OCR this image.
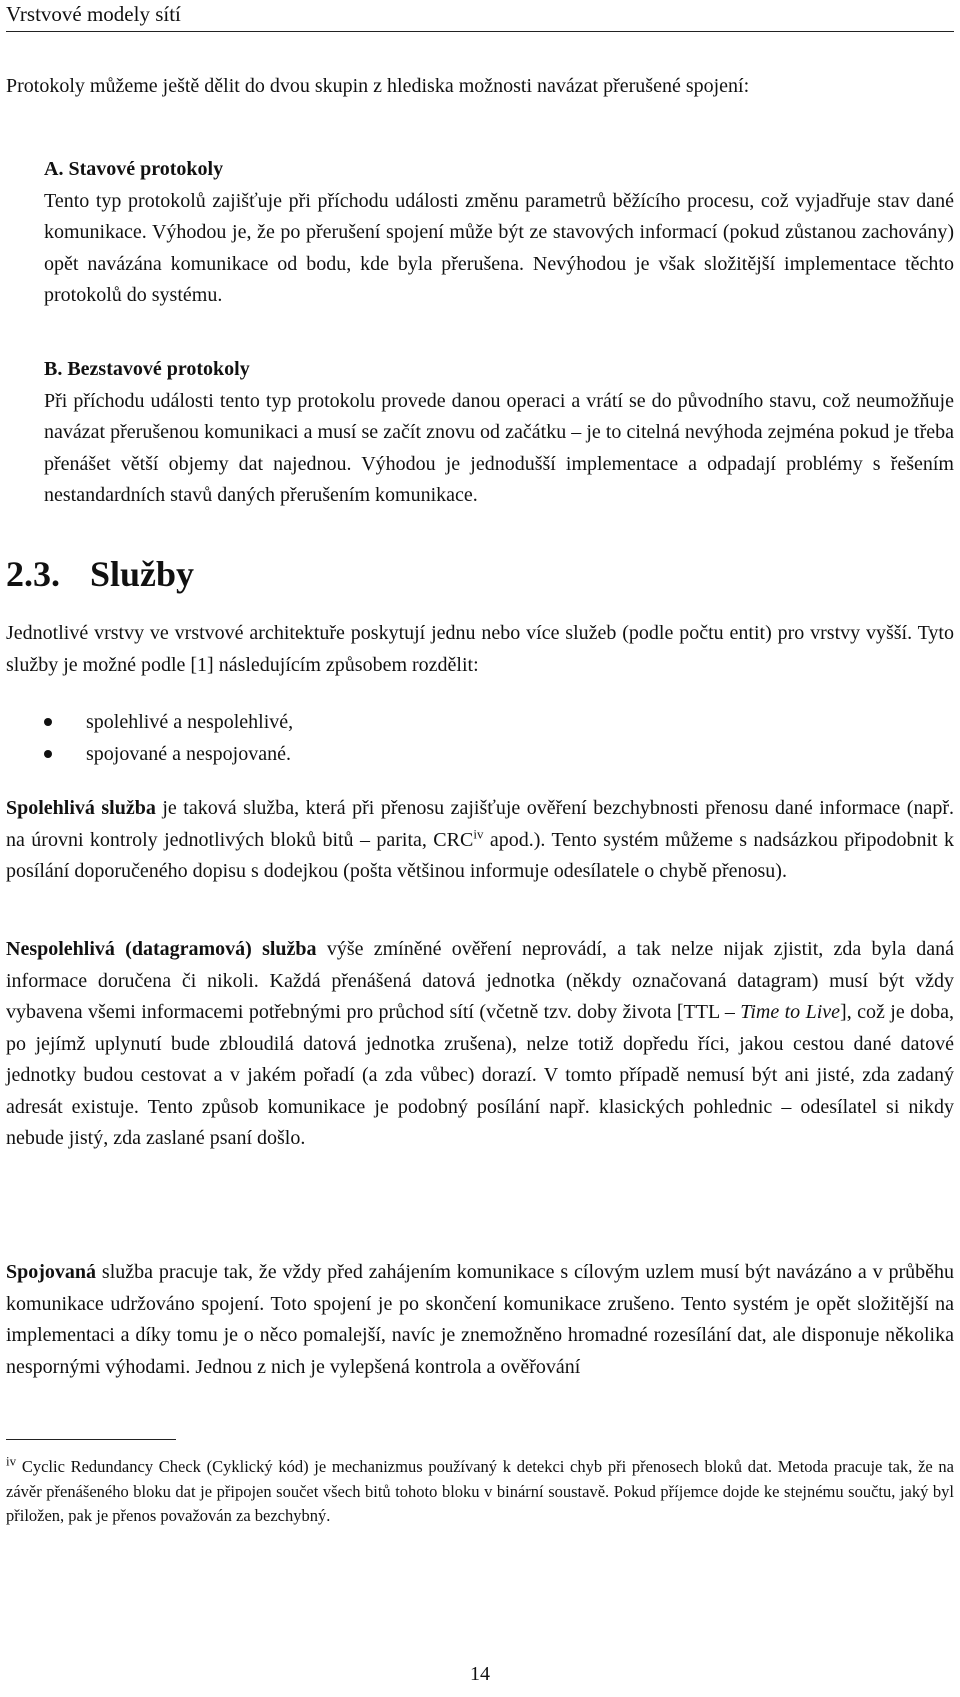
Vrstvové modely sítí

Protokoly můžeme ještě dělit do dvou skupin z hlediska možnosti navázat přerušené spojení:

A. Stavové protokoly

Tento typ protokolů zajišťuje při příchodu události změnu parametrů běžícího procesu, což vyjadřuje stav dané komunikace. Výhodou je, že po přerušení spojení může být ze stavových informací (pokud zůstanou zachovány) opět navázána komunikace od bodu, kde byla přerušena. Nevýhodou je však složitější implementace těchto protokolů do systému.

B. Bezstavové protokoly

Při příchodu události tento typ protokolu provede danou operaci a vrátí se do původního stavu, což neumožňuje navázat přerušenou komunikaci a musí se začít znovu od začátku – je to citelná nevýhoda zejména pokud je třeba přenášet větší objemy dat najednou. Výhodou je jednodušší implementace a odpadají problémy s řešením nestandardních stavů daných přerušením komunikace.

2.3. Služby

Jednotlivé vrstvy ve vrstvové architektuře poskytují jednu nebo více služeb (podle počtu entit) pro vrstvy vyšší. Tyto služby je možné podle [1] následujícím způsobem rozdělit:

spolehlivé a nespolehlivé,
spojované a nespojované.

Spolehlivá služba je taková služba, která při přenosu zajišťuje ověření bezchybnosti přenosu dané informace (např. na úrovni kontroly jednotlivých bloků bitů – parita, CRC$^{iv}$ apod.). Tento systém můžeme s nadsázkou připodobnit k posílání doporučeného dopisu s dodejkou (pošta většinou informuje odesílatele o chybě přenosu).

Nespolehlivá (datagramová) služba výše zmíněné ověření neprovádí, a tak nelze nijak zjistit, zda byla daná informace doručena či nikoli. Každá přenášená datová jednotka (někdy označovaná datagram) musí být vždy vybavena všemi informacemi potřebnými pro průchod sítí (včetně tzv. doby života [TTL – Time to Live], což je doba, po jejímž uplynutí bude zbloudilá datová jednotka zrušena), nelze totiž dopředu říci, jakou cestou dané datové jednotky budou cestovat a v jakém pořadí (a zda vůbec) dorazí. V tomto případě nemusí být ani jisté, zda zadaný adresát existuje. Tento způsob komunikace je podobný posílání např. klasických pohlednic – odesílatel si nikdy nebude jistý, zda zaslané psaní došlo.

Spojovaná služba pracuje tak, že vždy před zahájením komunikace s cílovým uzlem musí být navázáno a v průběhu komunikace udržováno spojení. Toto spojení je po skončení komunikace zrušeno. Tento systém je opět složitější na implementaci a díky tomu je o něco pomalejší, navíc je znemožněno hromadné rozesílání dat, ale disponuje několika nespornými výhodami. Jednou z nich je vylepšená kontrola a ověřování

$^{iv}$ Cyclic Redundancy Check (Cyklický kód) je mechanizmus používaný k detekci chyb při přenosech bloků dat. Metoda pracuje tak, že na závěr přenášeného bloku dat je připojen součet všech bitů tohoto bloku v binární soustavě. Pokud příjemce dojde ke stejnému součtu, jaký byl přiložen, pak je přenos považován za bezchybný.

14
